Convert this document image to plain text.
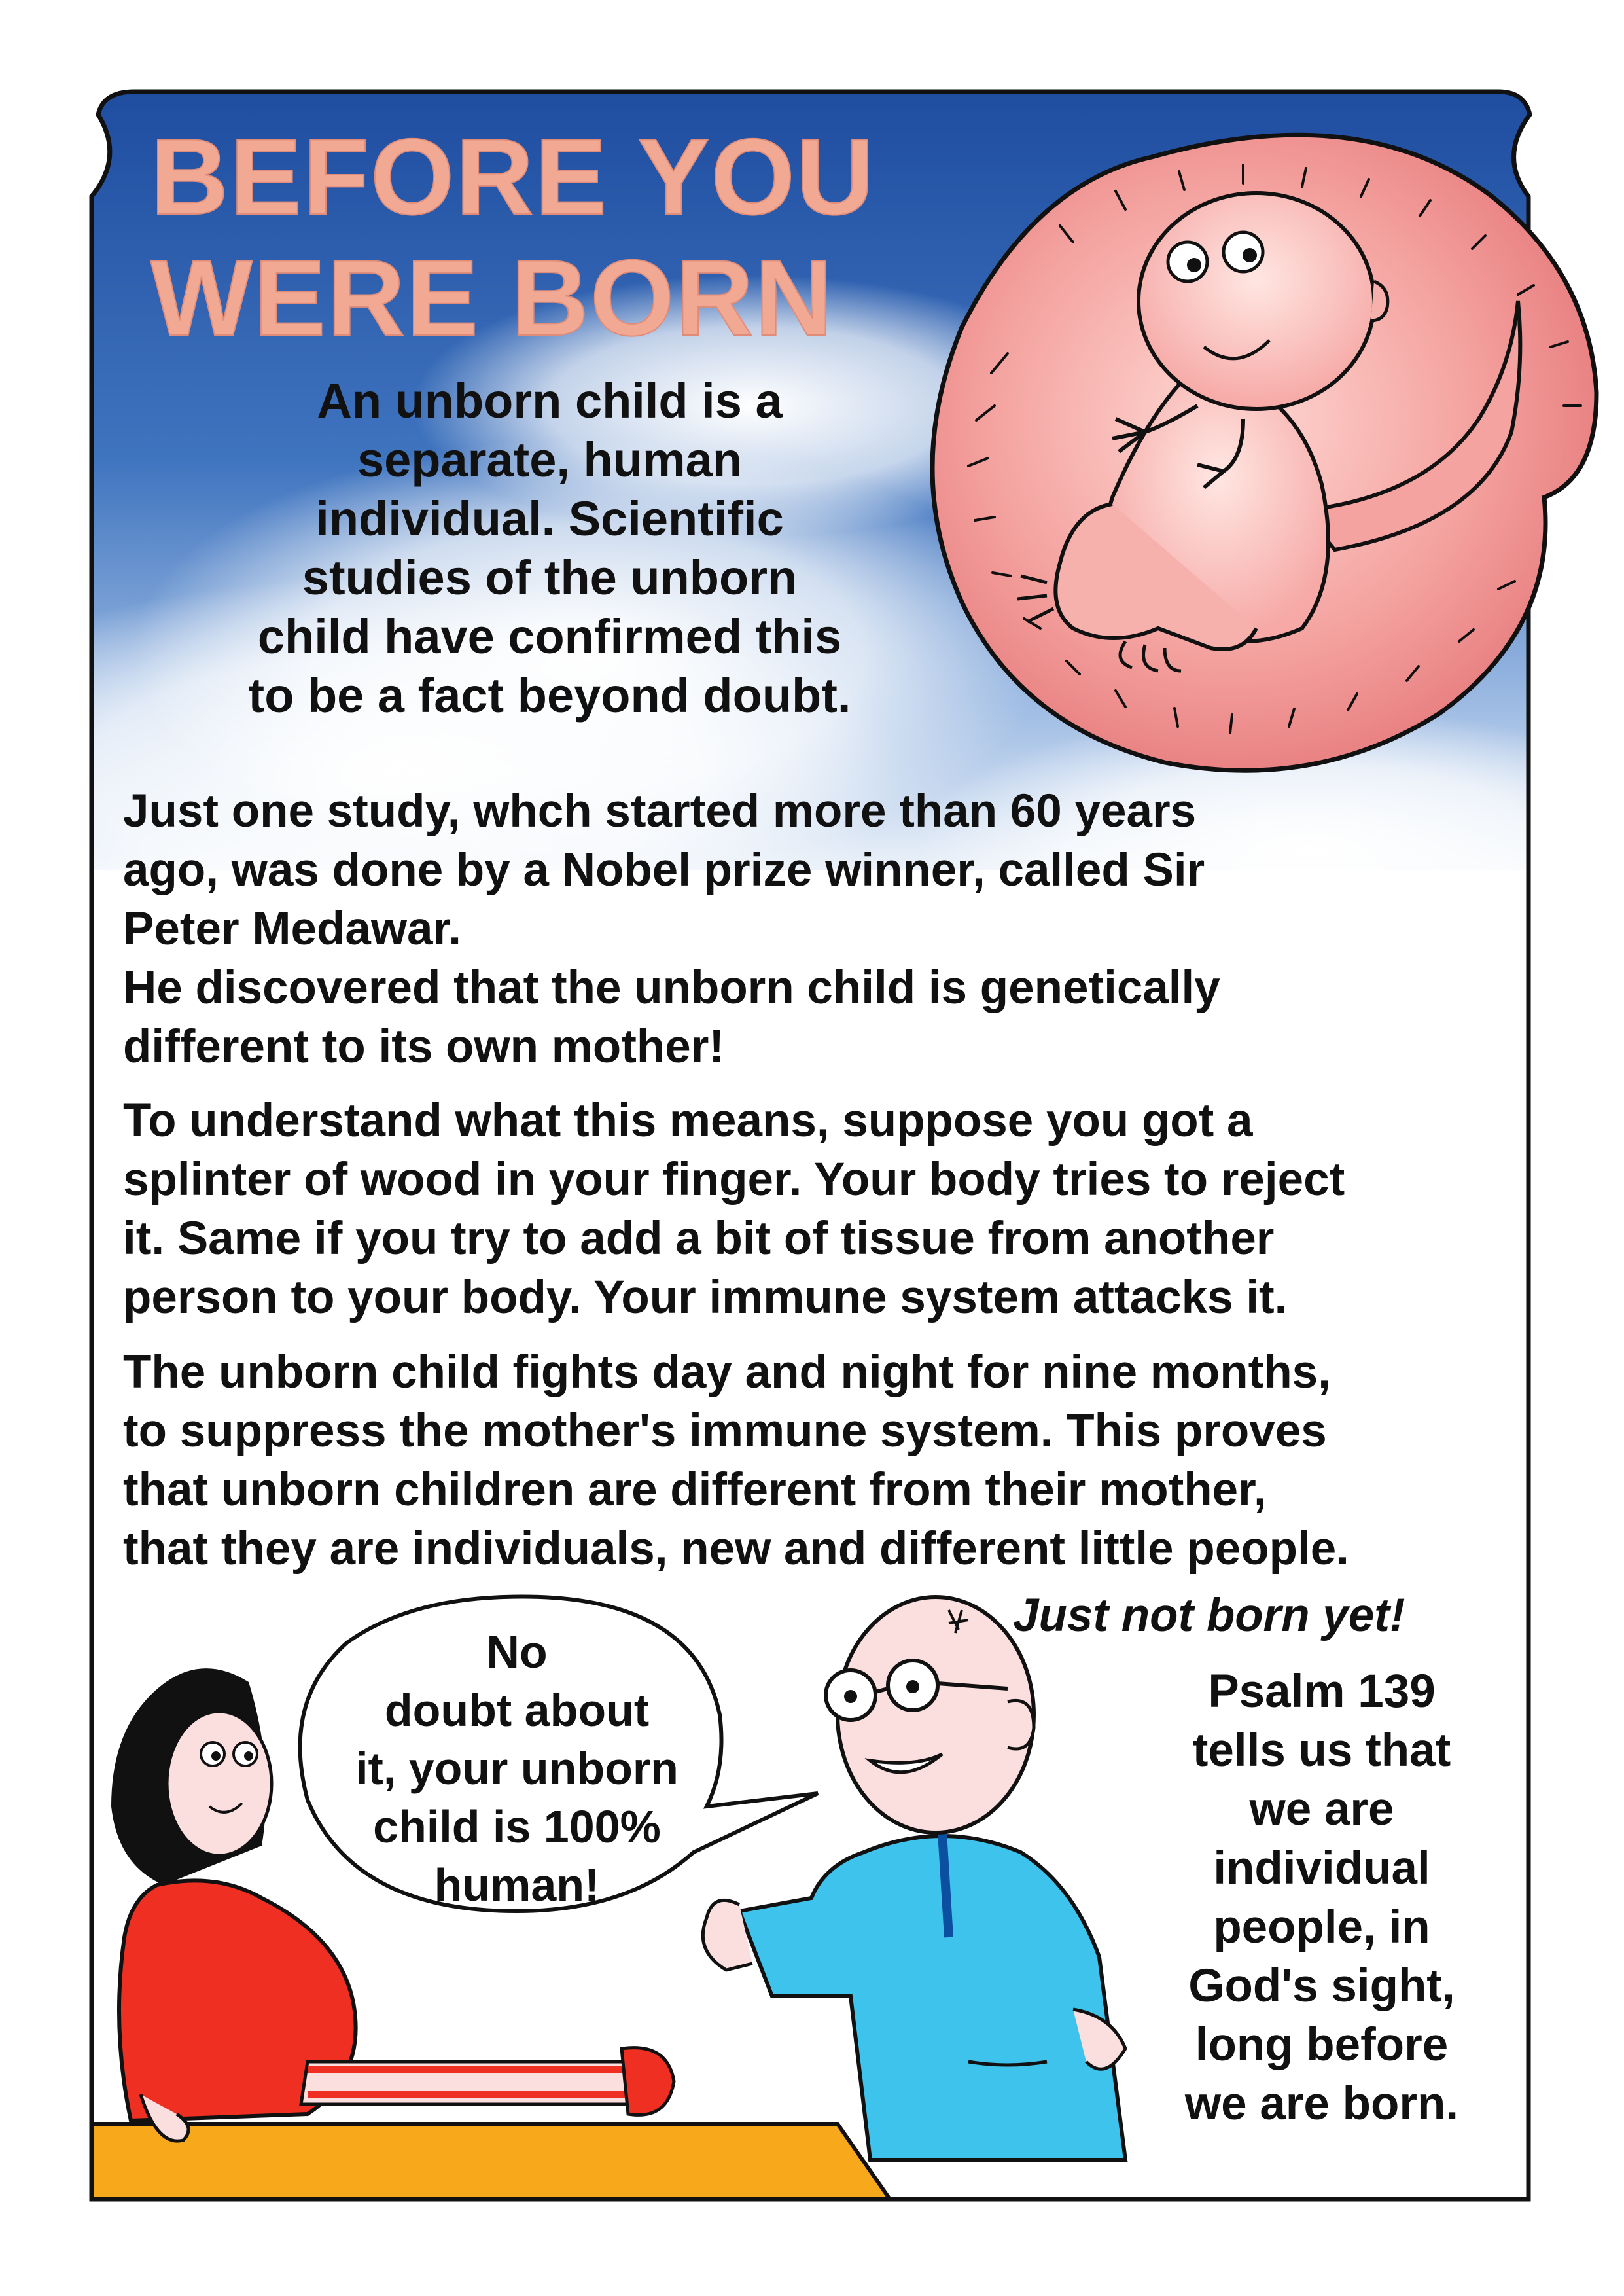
BEFORE YOU
WERE BORN
An unborn child is a
separate, human
individual. Scientific
studies of the unborn
child have confirmed this
to be a fact beyond doubt.
Just one study, whch started more than 60 years
ago, was done by a Nobel prize winner, called Sir
Peter Medawar.
He discovered that the unborn child is genetically
different to its own mother!
To understand what this means, suppose you got a
splinter of wood in your finger. Your body tries to reject
it. Same if you try to add a bit of tissue from another
person to your body. Your immune system attacks it.
The unborn child fights day and night for nine months,
to suppress the mother's immune system. This proves
that unborn children are different from their mother,
that they are individuals, new and different little people.
Just not born yet!
No
doubt about
it, your unborn
child is 100%
human!
Psalm 139
tells us that
we are
individual
people, in
God's sight,
long before
we are born.
